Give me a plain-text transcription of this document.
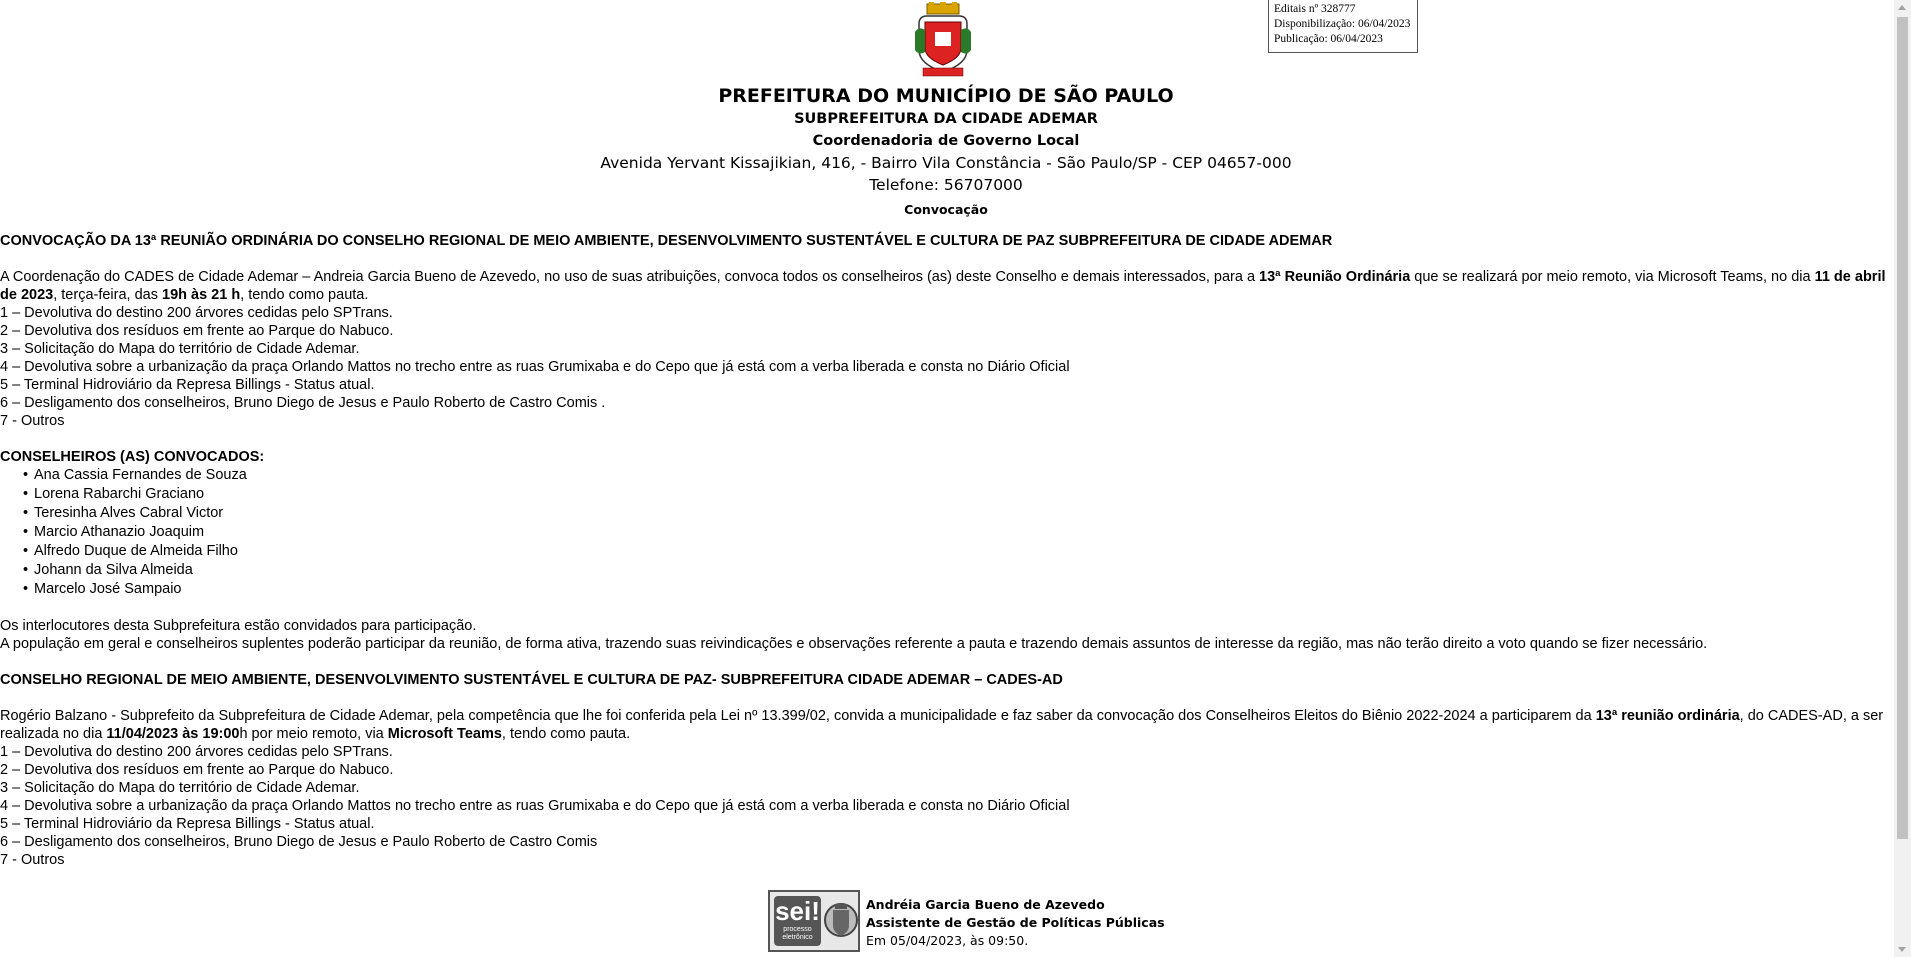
Editais nº 328777
Disponibilização: 06/04/2023
Publicação: 06/04/2023
PREFEITURA DO MUNICÍPIO DE SÃO PAULO
SUBPREFEITURA DA CIDADE ADEMAR
Coordenadoria de Governo Local
Avenida Yervant Kissajikian, 416, - Bairro Vila Constância - São Paulo/SP - CEP 04657-000
Telefone: 56707000
Convocação

CONVOCAÇÃO DA 13ª REUNIÃO ORDINÁRIA DO CONSELHO REGIONAL DE MEIO AMBIENTE, DESENVOLVIMENTO SUSTENTÁVEL E CULTURA DE PAZ SUBPREFEITURA DE CIDADE ADEMAR

A Coordenação do CADES de Cidade Ademar – Andreia Garcia Bueno de Azevedo, no uso de suas atribuições, convoca todos os conselheiros (as) deste Conselho e demais interessados, para a 13ª Reunião Ordinária que se realizará por meio remoto, via Microsoft Teams, no dia 11 de abril de 2023, terça-feira, das 19h às 21 h, tendo como pauta.

1 – Devolutiva do destino 200 árvores cedidas pelo SPTrans.
2 – Devolutiva dos resíduos em frente ao Parque do Nabuco.
3 – Solicitação do Mapa do território de Cidade Ademar.
4 – Devolutiva sobre a urbanização da praça Orlando Mattos no trecho entre as ruas Grumixaba e do Cepo que já está com a verba liberada e consta no Diário Oficial
5 – Terminal Hidroviário da Represa Billings - Status atual.
6 – Desligamento dos conselheiros, Bruno Diego de Jesus e Paulo Roberto de Castro Comis .
7 - Outros

CONSELHEIROS (AS) CONVOCADOS:

• Ana Cassia Fernandes de Souza
• Lorena Rabarchi Graciano
• Teresinha Alves Cabral Victor
• Marcio Athanazio Joaquim
• Alfredo Duque de Almeida Filho
• Johann da Silva Almeida
• Marcelo José Sampaio

Os interlocutores desta Subprefeitura estão convidados para participação.

A população em geral e conselheiros suplentes poderão participar da reunião, de forma ativa, trazendo suas reivindicações e observações referente a pauta e trazendo demais assuntos de interesse da região, mas não terão direito a voto quando se fizer necessário.

CONSELHO REGIONAL DE MEIO AMBIENTE, DESENVOLVIMENTO SUSTENTÁVEL E CULTURA DE PAZ- SUBPREFEITURA CIDADE ADEMAR – CADES-AD

Rogério Balzano - Subprefeito da Subprefeitura de Cidade Ademar, pela competência que lhe foi conferida pela Lei nº 13.399/02, convida a municipalidade e faz saber da convocação dos Conselheiros Eleitos do Biênio 2022-2024 a participarem da 13ª reunião ordinária, do CADES-AD, a ser realizada no dia 11/04/2023 às 19:00h por meio remoto, via Microsoft Teams, tendo como pauta.

1 – Devolutiva do destino 200 árvores cedidas pelo SPTrans.
2 – Devolutiva dos resíduos em frente ao Parque do Nabuco.
3 – Solicitação do Mapa do território de Cidade Ademar.
4 – Devolutiva sobre a urbanização da praça Orlando Mattos no trecho entre as ruas Grumixaba e do Cepo que já está com a verba liberada e consta no Diário Oficial
5 – Terminal Hidroviário da Represa Billings - Status atual.
6 – Desligamento dos conselheiros, Bruno Diego de Jesus e Paulo Roberto de Castro Comis
7 - Outros
sei!
processo eletrônico
Andréia Garcia Bueno de Azevedo
Assistente de Gestão de Políticas Públicas
Em 05/04/2023, às 09:50.
